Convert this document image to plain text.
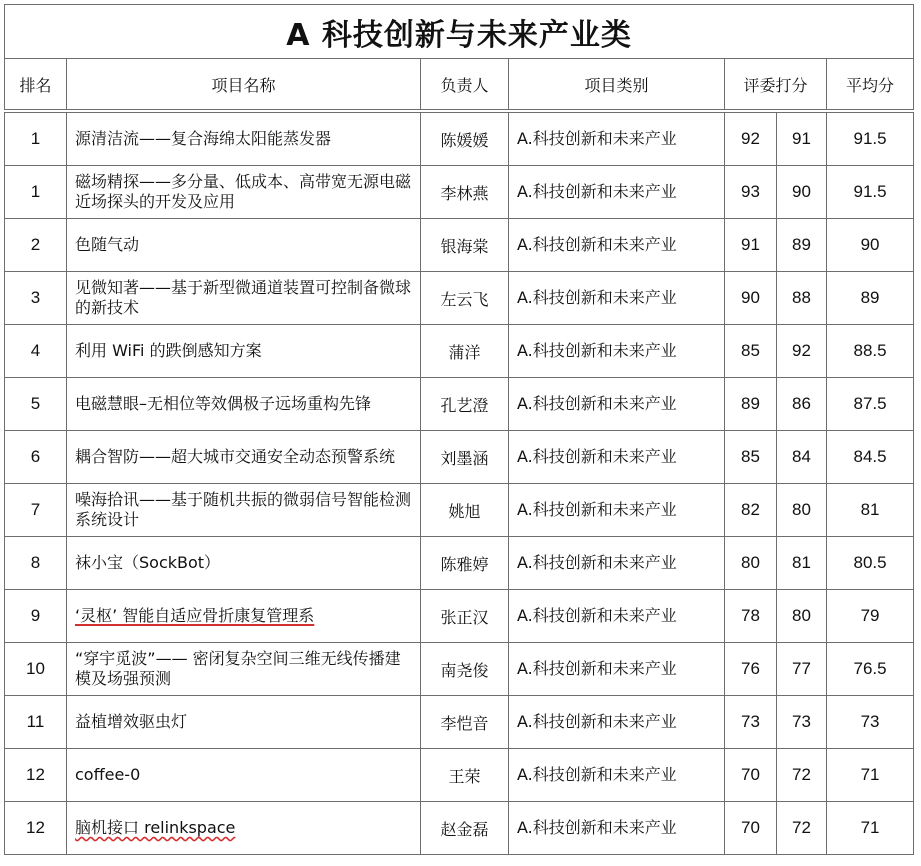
A 科技创新与未来产业类						
排名	项目名称	负责人	项目类别	评委打分		平均分
1	源清洁流——复合海绵太阳能蒸发器	陈媛媛	A.科技创新和未来产业	92	91	91.5
1	磁场精探——多分量、低成本、高带宽无源电磁近场探头的开发及应用	李林燕	A.科技创新和未来产业	93	90	91.5
2	色随气动	银海棠	A.科技创新和未来产业	91	89	90
3	见微知著——基于新型微通道装置可控制备微球的新技术	左云飞	A.科技创新和未来产业	90	88	89
4	利用 WiFi 的跌倒感知方案	蒲洋	A.科技创新和未来产业	85	92	88.5
5	电磁慧眼–无相位等效偶极子远场重构先锋	孔艺澄	A.科技创新和未来产业	89	86	87.5
6	耦合智防——超大城市交通安全动态预警系统	刘墨涵	A.科技创新和未来产业	85	84	84.5
7	噪海拾讯——基于随机共振的微弱信号智能检测系统设计	姚旭	A.科技创新和未来产业	82	80	81
8	袜小宝（SockBot）	陈雅婷	A.科技创新和未来产业	80	81	80.5
9	‘灵枢’ 智能自适应骨折康复管理系	张正汉	A.科技创新和未来产业	78	80	79
10	“穿宇觅波”—— 密闭复杂空间三维无线传播建模及场强预测	南尧俊	A.科技创新和未来产业	76	77	76.5
11	益植增效驱虫灯	李恺音	A.科技创新和未来产业	73	73	73
12	coffee-0	王荣	A.科技创新和未来产业	70	72	71
12	脑机接口 relinkspace	赵金磊	A.科技创新和未来产业	70	72	71
